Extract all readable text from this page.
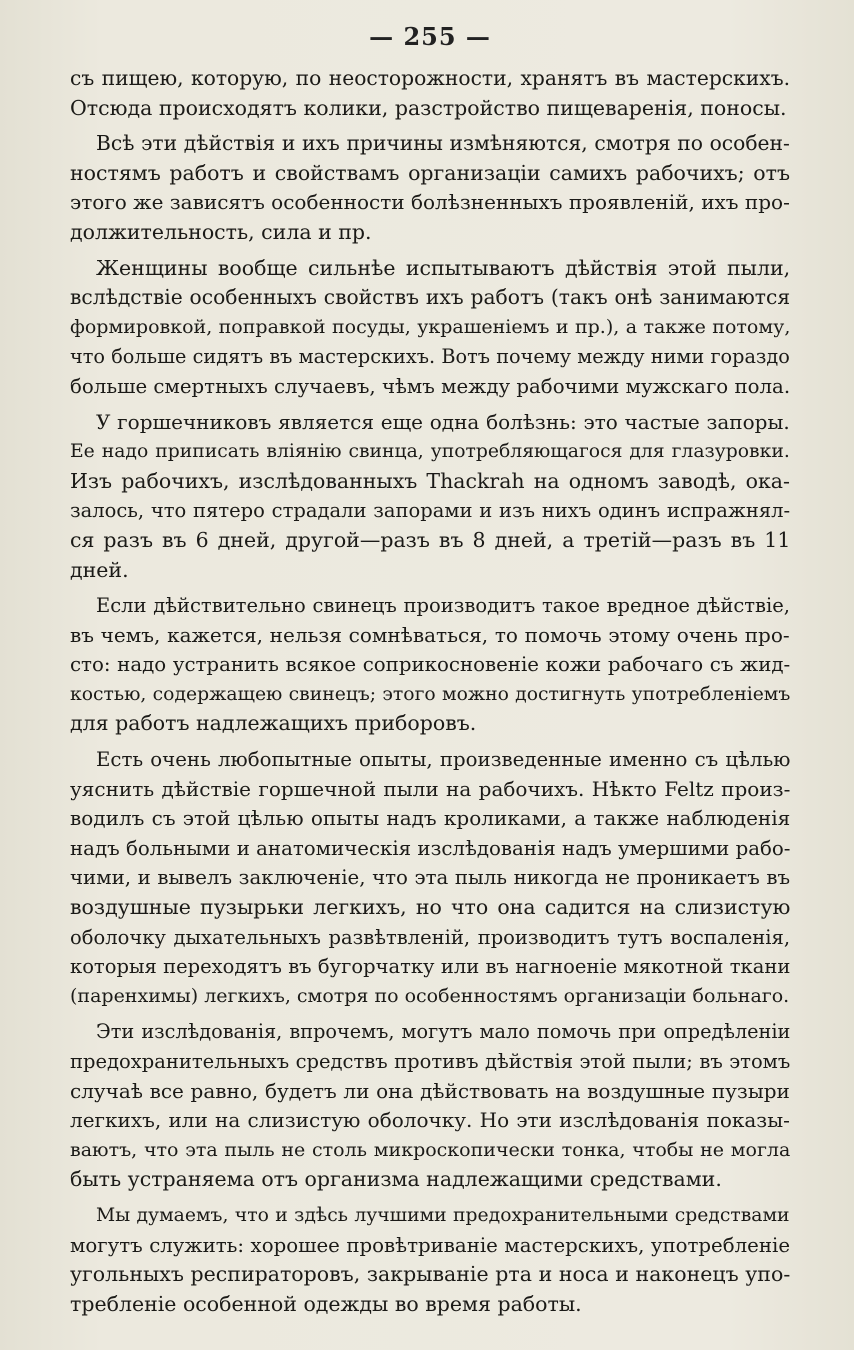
— 255 —
съ пищею, которую, по неосторожности, хранятъ въ мастерскихъ.
Отсюда происходятъ колики, разстройство пищеваренія, поносы.
Всѣ эти дѣйствія и ихъ причины измѣняются, смотря по особен-
ностямъ работъ и свойствамъ организаціи самихъ рабочихъ; отъ
этого же зависятъ особенности болѣзненныхъ проявленій, ихъ про-
должительность, сила и пр.
Женщины вообще сильнѣе испытываютъ дѣйствія этой пыли,
вслѣдствіе особенныхъ свойствъ ихъ работъ (такъ онѣ занимаются
формировкой, поправкой посуды, украшеніемъ и пр.), а также потому,
что больше сидятъ въ мастерскихъ. Вотъ почему между ними гораздо
больше смертныхъ случаевъ, чѣмъ между рабочими мужскаго пола.
У горшечниковъ является еще одна болѣзнь: это частые запоры.
Ее надо приписать вліянію свинца, употребляющагося для глазуровки.
Изъ рабочихъ, изслѣдованныхъ Thackrah на одномъ заводѣ, ока-
залось, что пятеро страдали запорами и изъ нихъ одинъ испражнял-
ся разъ въ 6 дней, другой—разъ въ 8 дней, а третій—разъ въ 11
дней.
Если дѣйствительно свинецъ производитъ такое вредное дѣйствіе,
въ чемъ, кажется, нельзя сомнѣваться, то помочь этому очень про-
сто: надо устранить всякое соприкосновеніе кожи рабочаго съ жид-
костью, содержащею свинецъ; этого можно достигнуть употребленіемъ
для работъ надлежащихъ приборовъ.
Есть очень любопытные опыты, произведенные именно съ цѣлью
уяснить дѣйствіе горшечной пыли на рабочихъ. Нѣкто Feltz произ-
водилъ съ этой цѣлью опыты надъ кроликами, а также наблюденія
надъ больными и анатомическія изслѣдованія надъ умершими рабо-
чими, и вывелъ заключеніе, что эта пыль никогда не проникаетъ въ
воздушные пузырьки легкихъ, но что она садится на слизистую
оболочку дыхательныхъ развѣтвленій, производитъ тутъ воспаленія,
которыя переходятъ въ бугорчатку или въ нагноеніе мякотной ткани
(паренхимы) легкихъ, смотря по особенностямъ организаціи больнаго.
Эти изслѣдованія, впрочемъ, могутъ мало помочь при опредѣленіи
предохранительныхъ средствъ противъ дѣйствія этой пыли; въ этомъ
случаѣ все равно, будетъ ли она дѣйствовать на воздушные пузыри
легкихъ, или на слизистую оболочку. Но эти изслѣдованія показы-
ваютъ, что эта пыль не столь микроскопически тонка, чтобы не могла
быть устраняема отъ организма надлежащими средствами.
Мы думаемъ, что и здѣсь лучшими предохранительными средствами
могутъ служить: хорошее провѣтриваніе мастерскихъ, употребленіе
угольныхъ респираторовъ, закрываніе рта и носа и наконецъ упо-
требленіе особенной одежды во время работы.
